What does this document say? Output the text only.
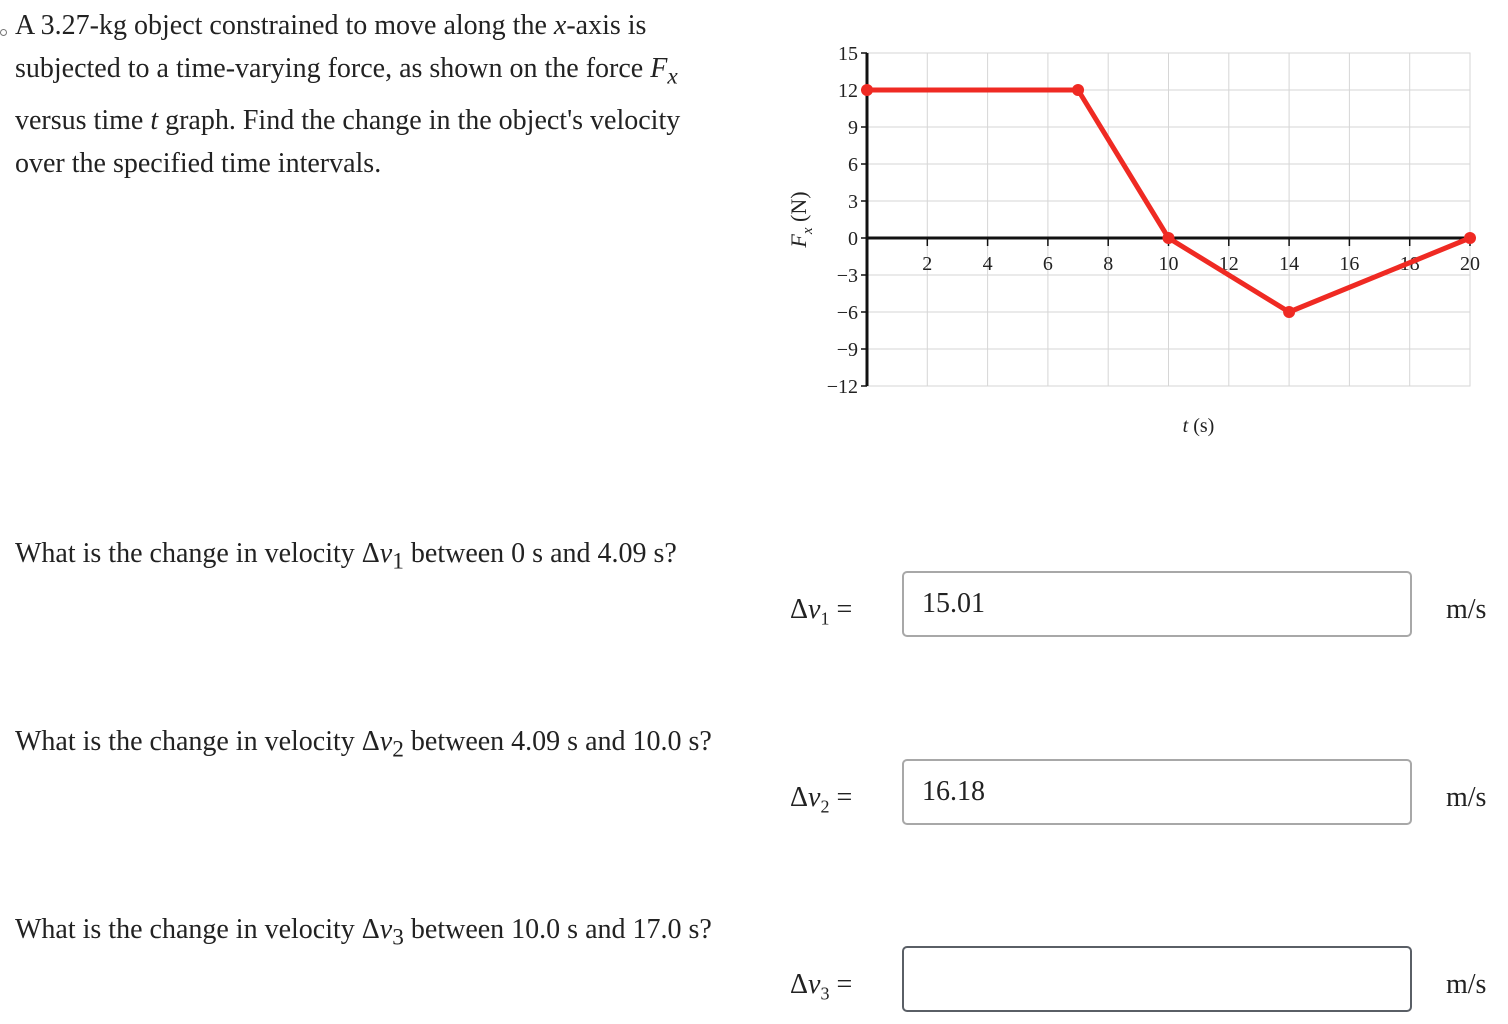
A 3.27-kg object constrained to move along the x-axis is subjected to a time-varying force, as shown on the force $F_x$ versus time t graph. Find the change in the object's velocity over the specified time intervals.

15
12
9
6
3
0
−3
−6
−9
−12
2	4	6	8 10 12 14 16 18 20
t (s)
$F_x$ (N)

What is the change in velocity $\Delta v_1$ between 0 s and 4.09 s?

$\Delta v_1$ =
15.01	m/s

What is the change in velocity $\Delta v_2$ between 4.09 s and 10.0 s?

$\Delta v_2$ =
16.18	m/s

What is the change in velocity $\Delta v_3$ between 10.0 s and 17.0 s?

$\Delta v_3$ =	m/s
